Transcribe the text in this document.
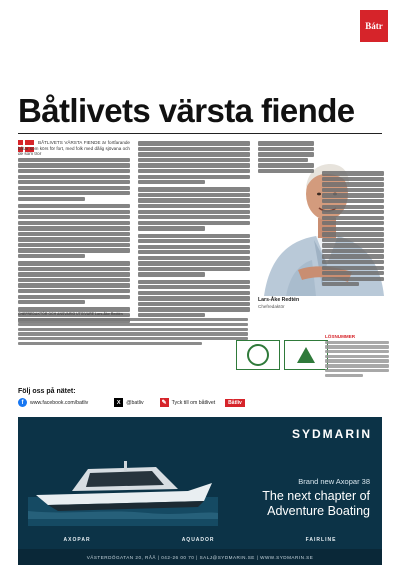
Bátr
Båtlivets värsta fiende

BÅTLIVETS VÄRSTA FIENDE är fortfarande båtar som körs för fort, med folk med dålig sjövana och de som tror

Lars-Åke Redtén
Chefredaktör
CHEFREDAKTÖR OCH ANSVARIG UTGIVARE Lars-Åke Redtén
LÖSNUMMER
Följ oss på nätet:
f	www.facebook.com/batliv	X	@batliv	✎ Tyck till om båtlivet	Båtliv
SYDMARIN
Brand new Axopar 38
The next chapter of
Adventure Boating
AXOPAR	AQUADOR	FAIRLINE
VÄSTERDÖGATAN 20, RÅÅ | 042-26 00 70 | SALJ@SYDMARIN.SE | WWW.SYDMARIN.SE
